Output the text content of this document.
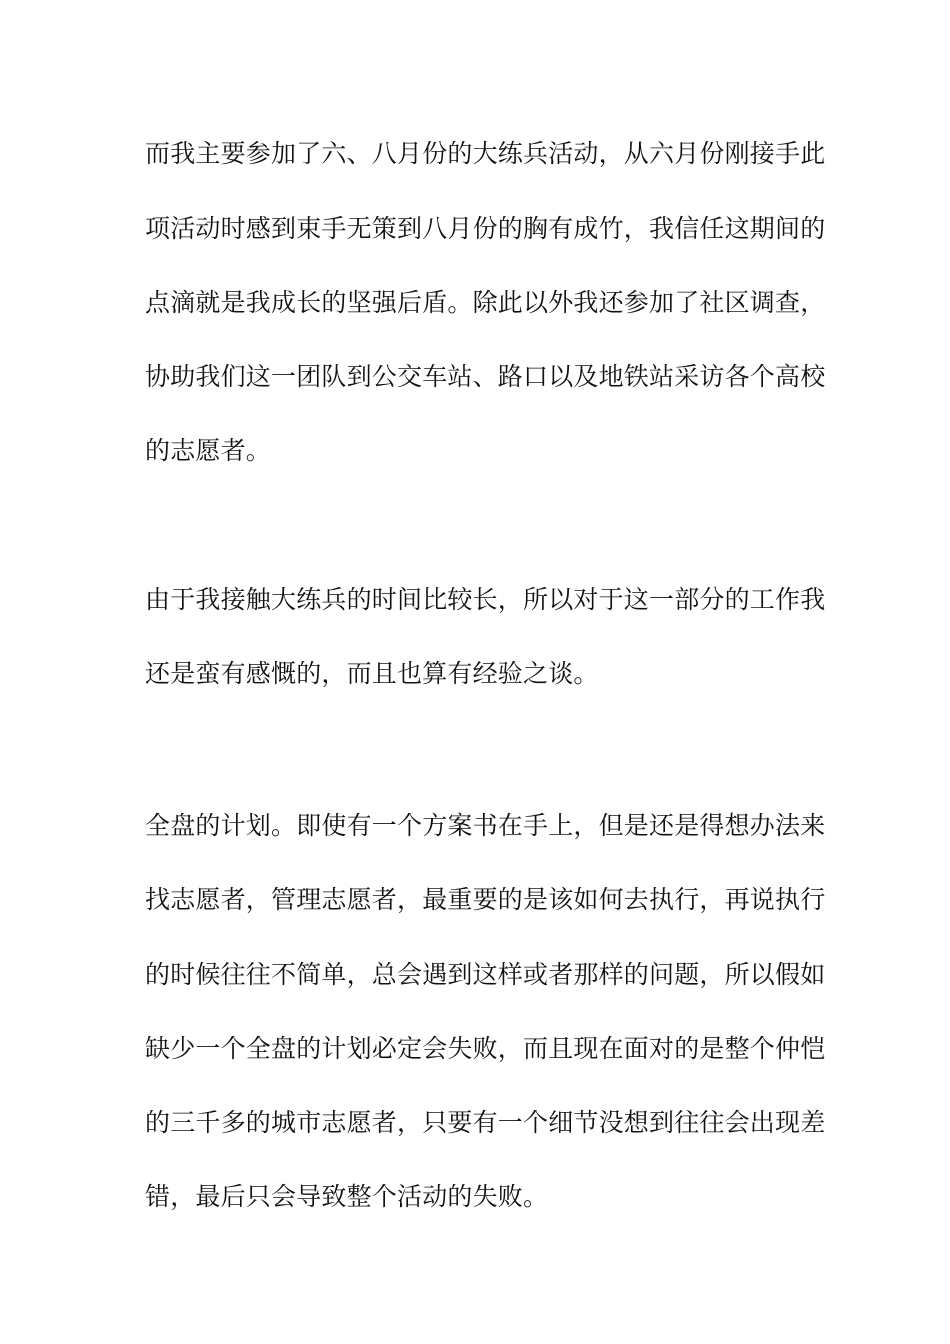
而我主要参加了六、八月份的大练兵活动，从六月份刚接手此
项活动时感到束手无策到八月份的胸有成竹，我信任这期间的
点滴就是我成长的坚强后盾。除此以外我还参加了社区调查，
协助我们这一团队到公交车站、路口以及地铁站采访各个高校
的志愿者。
由于我接触大练兵的时间比较长，所以对于这一部分的工作我
还是蛮有感慨的，而且也算有经验之谈。
全盘的计划。即使有一个方案书在手上，但是还是得想办法来
找志愿者，管理志愿者，最重要的是该如何去执行，再说执行
的时候往往不简单，总会遇到这样或者那样的问题，所以假如
缺少一个全盘的计划必定会失败，而且现在面对的是整个仲恺
的三千多的城市志愿者，只要有一个细节没想到往往会出现差
错，最后只会导致整个活动的失败。
